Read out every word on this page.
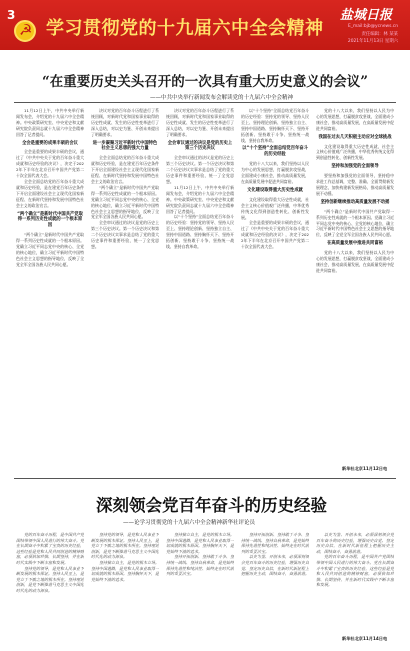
3
☭
学习贯彻党的十九届六中全会精神
盐城日报
E_mail:bjb@ycnews.cn
责任编辑：林 某某
2021年11月13日 星期六
“在重要历史关头召开的一次具有重大历史意义的会议”
——中共中央举行新闻发布会解读党的十九届六中全会精神

11月12日上午，中共中央举行新闻发布会，介绍党的十九届六中全会精神。中央政策研究室、中央党史和文献研究院负责同志就十九届六中全会精神回答了记者提问。

全会是重要的成果丰硕的会议

全会是重要的成果丰硕的会议，通过了《中共中央关于党的百年奋斗重大成就和历史经验的决议》，决定于2022年下半年在北京召开中国共产党第二十次全国代表大会。

全会全面总结党的百年奋斗重大成就和历史经验，是在建党百年历史条件下开启全面建设社会主义现代化国家新征程、在新时代坚持和发展中国特色社会主义的政治宣言。

“两个确立”是新时代中国共产党取得一系列历史性成就的一个根本原因

“两个确立”是新时代中国共产党取得一系列历史性成就的一个根本原因。党确立习近平同志党中央的核心、全党的核心地位，确立习近平新时代中国特色社会主义思想的指导地位，反映了全党全军全国各族人民共同心愿。

决议对党的百年奋斗历程进行了系统回顾，对新时代党和国家事业取得的历史性成就、发生的历史性变革进行了深入总结，对以史为鉴、开创未来提出了明确要求。

进一步凝聚习近平新时代中国特色社会主义思想的强大力量

全会全面总结党的百年奋斗重大成就和历史经验，是在建党百年历史条件下开启全面建设社会主义现代化国家新征程、在新时代坚持和发展中国特色社会主义的政治宣言。

“两个确立”是新时代中国共产党取得一系列历史性成就的一个根本原因。党确立习近平同志党中央的核心、全党的核心地位，确立习近平新时代中国特色社会主义思想的指导地位，反映了全党全军全国各族人民共同心愿。

全会审议通过的决议是党的历史上第三个历史决议。第一个历史决议和第二个历史决议实事求是总结了党的重大历史事件和重要经验，统一了全党思想。

决议对党的百年奋斗历程进行了系统回顾，对新时代党和国家事业取得的历史性成就、发生的历史性变革进行了深入总结，对以史为鉴、开创未来提出了明确要求。

全会审议通过的决议是党的历史上第三个历史决议

全会审议通过的决议是党的历史上第三个历史决议。第一个历史决议和第二个历史决议实事求是总结了党的重大历史事件和重要经验，统一了全党思想。

11月12日上午，中共中央举行新闻发布会，介绍党的十九届六中全会精神。中央政策研究室、中央党史和文献研究院负责同志就十九届六中全会精神回答了记者提问。

以“十个坚持”全面总结党百年奋斗的历史经验：坚持党的领导、坚持人民至上、坚持理论创新、坚持独立自主、坚持中国道路、坚持胸怀天下、坚持开拓创新、坚持敢于斗争、坚持统一战线、坚持自我革命。

以“十个坚持”全面总结党百年奋斗的历史经验：坚持党的领导、坚持人民至上、坚持理论创新、坚持独立自主、坚持中国道路、坚持胸怀天下、坚持开拓创新、坚持敢于斗争、坚持统一战线、坚持自我革命。

以“十个坚持”全面总结党百年奋斗的历史经验

党的十八大以来，我们坚持以人民为中心的发展思想，打赢脱贫攻坚战，全面建成小康社会，推动高质量发展，在高质量发展中促进共同富裕。

文化建设取得重大历史性成就

文化建设取得重大历史性成就，社会主义核心价值观广泛传播，中华优秀传统文化得到创造性转化、创新性发展。

全会是重要的成果丰硕的会议，通过了《中共中央关于党的百年奋斗重大成就和历史经验的决议》，决定于2022年下半年在北京召开中国共产党第二十次全国代表大会。

党的十八大以来，我们坚持以人民为中心的发展思想，打赢脱贫攻坚战，全面建成小康社会，推动高质量发展，在高质量发展中促进共同富裕。

我国在过去几天积极主动应对全球挑战

文化建设取得重大历史性成就，社会主义核心价值观广泛传播，中华优秀传统文化得到创造性转化、创新性发展。

坚持和加强党的全面领导

要坚持和加强党的全面领导，坚持稳中求进工作总基调，完整、准确、全面贯彻新发展理念，加快构建新发展格局，推动高质量发展不动摇。

坚持创新继续推动高质量发展不动摇

“两个确立”是新时代中国共产党取得一系列历史性成就的一个根本原因。党确立习近平同志党中央的核心、全党的核心地位，确立习近平新时代中国特色社会主义思想的指导地位，反映了全党全军全国各族人民共同心愿。

在高质量发展中推进共同富裕

党的十八大以来，我们坚持以人民为中心的发展思想，打赢脱贫攻坚战，全面建成小康社会，推动高质量发展，在高质量发展中促进共同富裕。

新华社北京11月12日电
深刻领会党百年奋斗的历史经验
——论学习贯彻党的十九届六中全会精神新华社评论员

党的百年奋斗历程，是中国共产党团结带领中国人民进行的伟大奋斗。党在长期奋斗中积累了宝贵的历史经验，这些经验是党和人民共同创造的精神财富，必须倍加珍惜、长期坚持，并在新时代实践中不断丰富和发展。

坚持党的领导，是党和人民事业不断发展的根本保证。坚持人民至上，是党立于不败之地的根本所在。坚持理论创新，是党不断推进马克思主义中国化时代化的动力源泉。

坚持党的领导，是党和人民事业不断发展的根本保证。坚持人民至上，是党立于不败之地的根本所在。坚持理论创新，是党不断推进马克思主义中国化时代化的动力源泉。

坚持独立自主，是党的根本立场。坚持中国道路，是党和人民事业取得一切成就的根本原因。坚持胸怀天下，是党始终不渝的追求。

坚持独立自主，是党的根本立场。坚持中国道路，是党和人民事业取得一切成就的根本原因。坚持胸怀天下，是党始终不渝的追求。

坚持开拓创新、坚持敢于斗争、坚持统一战线、坚持自我革命，是党始终保持先进性和纯洁性、始终走在时代前列的重要法宝。

坚持开拓创新、坚持敢于斗争、坚持统一战线、坚持自我革命，是党始终保持先进性和纯洁性、始终走在时代前列的重要法宝。

以史为鉴、开创未来，必须深刻领会党百年奋斗的历史经验，增强历史自觉、坚定历史自信，在新时代新征程上把握历史主动，团结奋斗，奋勇前进。

以史为鉴、开创未来，必须深刻领会党百年奋斗的历史经验，增强历史自觉、坚定历史自信，在新时代新征程上把握历史主动，团结奋斗，奋勇前进。

党的百年奋斗历程，是中国共产党团结带领中国人民进行的伟大奋斗。党在长期奋斗中积累了宝贵的历史经验，这些经验是党和人民共同创造的精神财富，必须倍加珍惜、长期坚持，并在新时代实践中不断丰富和发展。

新华社北京11月14日电
